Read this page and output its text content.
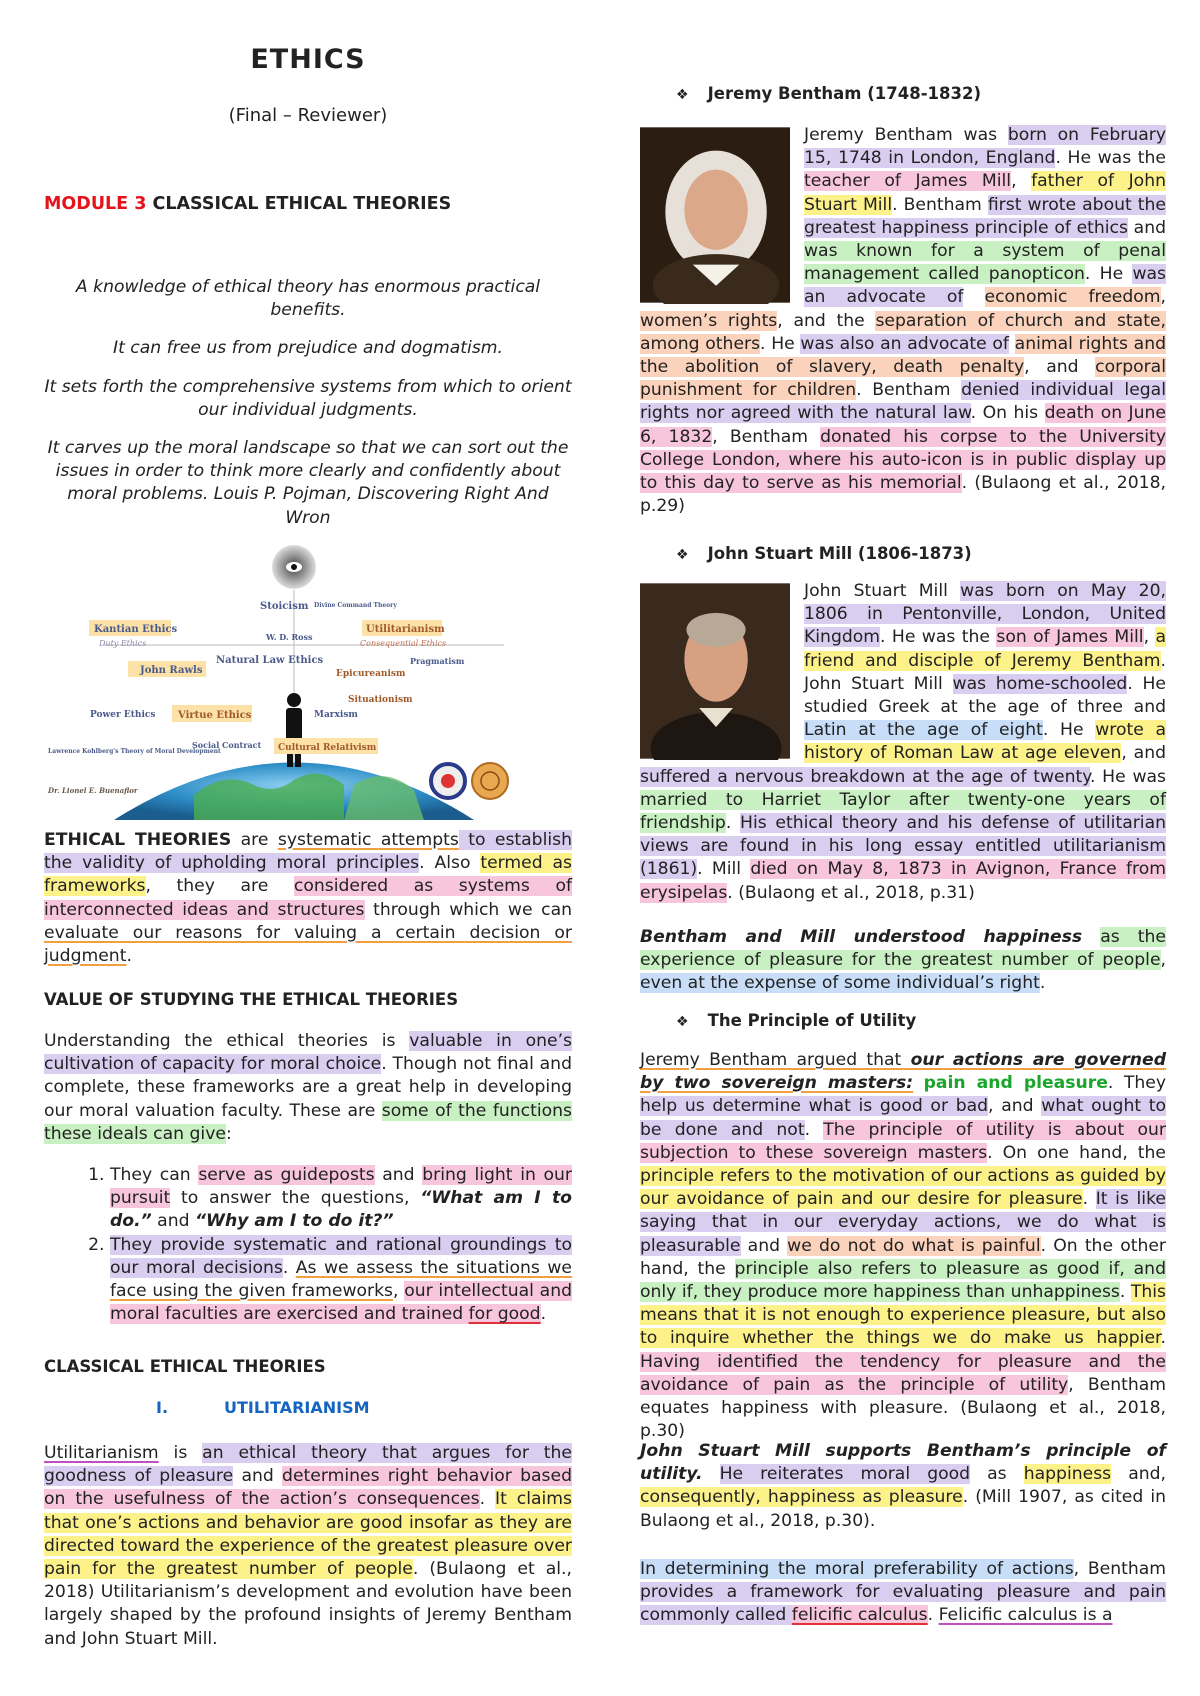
ETHICS
(Final – Reviewer)
MODULE 3 CLASSICAL ETHICAL THEORIES

A knowledge of ethical theory has enormous practical benefits.

It can free us from prejudice and dogmatism.

It sets forth the comprehensive systems from which to orient our individual judgments.

It carves up the moral landscape so that we can sort out the issues in order to think more clearly and confidently about moral problems. Louis P. Pojman, Discovering Right And Wron

Stoicism Divine Command Theory
Kantian Ethics
Duty Ethics
Utilitarianism
Consequential Ethics
W. D. Ross
Natural Law Ethics
John Rawls
Pragmatism
Epicureanism
Situationism
Power Ethics Virtue Ethics	Marxism
Social Contract Cultural Relativism
Lawrence Kohlberg's Theory of Moral Development
Dr. Lionel E. Buenaflor

ETHICAL THEORIES are systematic attempts to establish the validity of upholding moral principles. Also termed as frameworks, they are considered as systems of interconnected ideas and structures through which we can evaluate our reasons for valuing a certain decision or judgment.

VALUE OF STUDYING THE ETHICAL THEORIES

Understanding the ethical theories is valuable in one’s cultivation of capacity for moral choice. Though not final and complete, these frameworks are a great help in developing our moral valuation faculty. These are some of the functions these ideals can give:

1. They can serve as guideposts and bring light in our pursuit to answer the questions, “What am I to do.” and “Why am I to do it?”
2. They provide systematic and rational groundings to our moral decisions. As we assess the situations we face using the given frameworks, our intellectual and moral faculties are exercised and trained for good.
CLASSICAL ETHICAL THEORIES
I.	UTILITARIANISM

Utilitarianism is an ethical theory that argues for the goodness of pleasure and determines right behavior based on the usefulness of the action’s consequences. It claims that one’s actions and behavior are good insofar as they are directed toward the experience of the greatest pleasure over pain for the greatest number of people. (Bulaong et al., 2018) Utilitarianism’s development and evolution have been largely shaped by the profound insights of Jeremy Bentham and John Stuart Mill.

❖ Jeremy Bentham (1748-1832)

Jeremy Bentham was born on February 15, 1748 in London, England. He was the teacher of James Mill, father of John Stuart Mill. Bentham first wrote about the greatest happiness principle of ethics and was known for a system of penal management called panopticon. He was an advocate of economic freedom, women’s rights, and the separation of church and state, among others. He was also an advocate of animal rights and the abolition of slavery, death penalty, and corporal punishment for children. Bentham denied individual legal rights nor agreed with the natural law. On his death on June 6, 1832, Bentham donated his corpse to the University College London, where his auto-icon is in public display up to this day to serve as his memorial. (Bulaong et al., 2018, p.29)

❖ John Stuart Mill (1806-1873)

John Stuart Mill was born on May 20, 1806 in Pentonville, London, United Kingdom. He was the son of James Mill, a friend and disciple of Jeremy Bentham. John Stuart Mill was home-schooled. He studied Greek at the age of three and Latin at the age of eight. He wrote a history of Roman Law at age eleven, and suffered a nervous breakdown at the age of twenty. He was married to Harriet Taylor after twenty-one years of friendship. His ethical theory and his defense of utilitarian views are found in his long essay entitled utilitarianism (1861). Mill died on May 8, 1873 in Avignon, France from erysipelas. (Bulaong et al., 2018, p.31)

Bentham and Mill understood happiness as the experience of pleasure for the greatest number of people, even at the expense of some individual’s right.

❖ The Principle of Utility

Jeremy Bentham argued that our actions are governed by two sovereign masters: pain and pleasure. They help us determine what is good or bad, and what ought to be done and not. The principle of utility is about our subjection to these sovereign masters. On one hand, the principle refers to the motivation of our actions as guided by our avoidance of pain and our desire for pleasure. It is like saying that in our everyday actions, we do what is pleasurable and we do not do what is painful. On the other hand, the principle also refers to pleasure as good if, and only if, they produce more happiness than unhappiness. This means that it is not enough to experience pleasure, but also to inquire whether the things we do make us happier. Having identified the tendency for pleasure and the avoidance of pain as the principle of utility, Bentham equates happiness with pleasure. (Bulaong et al., 2018, p.30)

John Stuart Mill supports Bentham’s principle of utility. He reiterates moral good as happiness and, consequently, happiness as pleasure. (Mill 1907, as cited in Bulaong et al., 2018, p.30).

In determining the moral preferability of actions, Bentham provides a framework for evaluating pleasure and pain commonly called felicific calculus. Felicific calculus is a
